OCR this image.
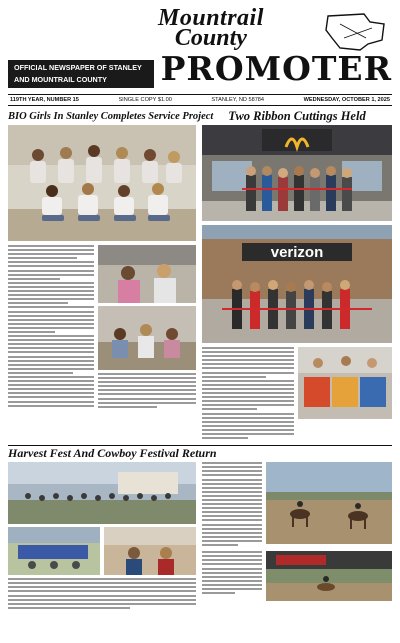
Mountrail
County
OFFICIAL NEWSPAPER OF STANLEY
AND MOUNTRAIL COUNTY	PROMOTER
119TH YEAR, NUMBER 15	SINGLE COPY $1.00	STANLEY, ND 58784	WEDNESDAY, OCTOBER 1, 2025
BIO Girls In Stanley Completes Service Project	Two Ribbon Cuttings Held
verizon
Harvest Fest And Cowboy Festival Return
